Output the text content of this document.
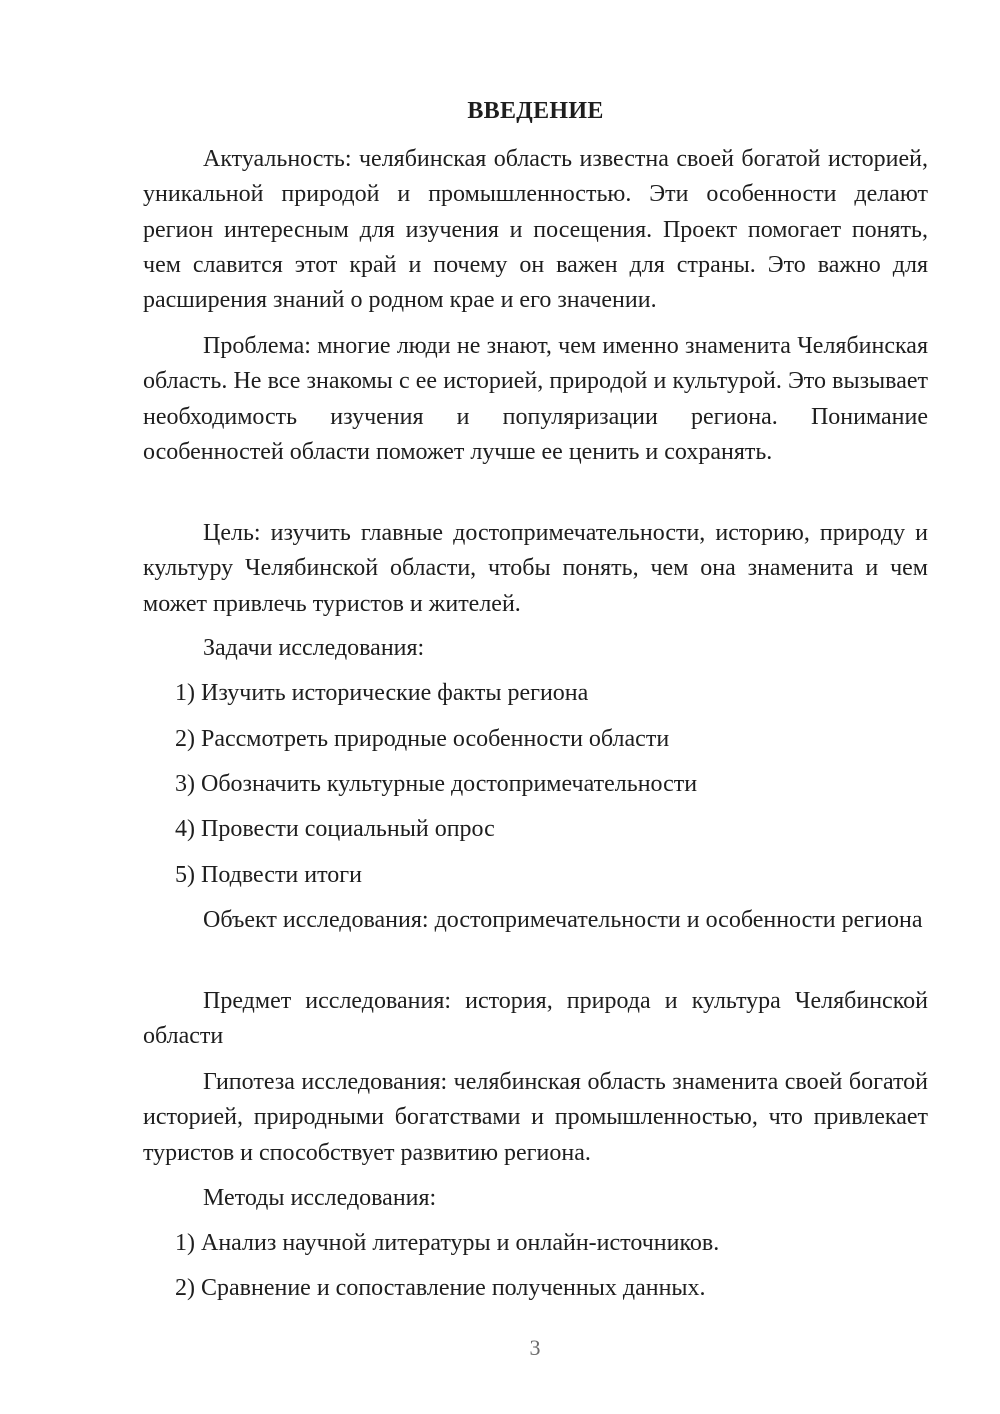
ВВЕДЕНИЕ

Актуальность: челябинская область известна своей богатой историей, уникальной природой и промышленностью. Эти особенности делают регион интересным для изучения и посещения. Проект помогает понять, чем славится этот край и почему он важен для страны. Это важно для расширения знаний о родном крае и его значении.

Проблема: многие люди не знают, чем именно знаменита Челябинская область. Не все знакомы с ее историей, природой и культурой. Это вызывает необходимость изучения и популяризации региона. Понимание особенностей области поможет лучше ее ценить и сохранять.

Цель: изучить главные достопримечательности, историю, природу и культуру Челябинской области, чтобы понять, чем она знаменита и чем может привлечь туристов и жителей.

Задачи исследования:

1) Изучить исторические факты региона

2) Рассмотреть природные особенности области

3) Обозначить культурные достопримечательности

4) Провести социальный опрос

5) Подвести итоги

Объект исследования: достопримечательности и особенности региона

Предмет исследования: история, природа и культура Челябинской области

Гипотеза исследования: челябинская область знаменита своей богатой историей, природными богатствами и промышленностью, что привлекает туристов и способствует развитию региона.

Методы исследования:

1) Анализ научной литературы и онлайн-источников.

2) Сравнение и сопоставление полученных данных.

3
